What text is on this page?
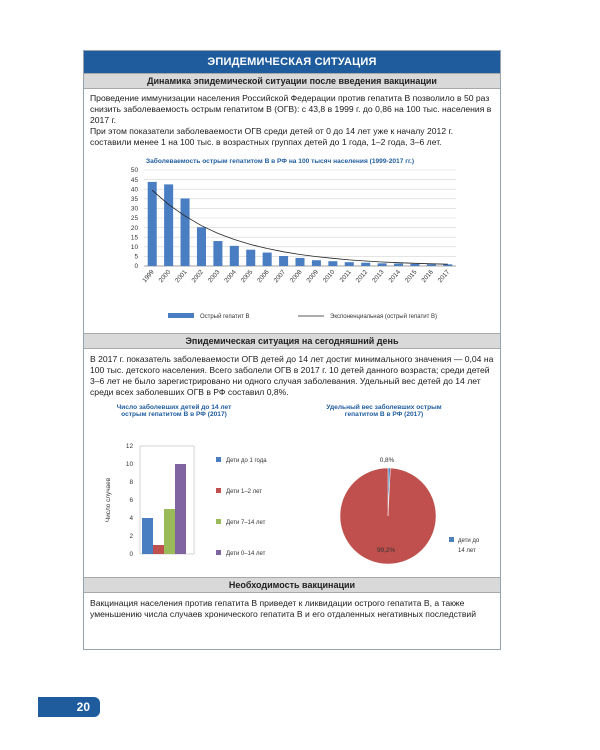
ЭПИДЕМИЧЕСКАЯ СИТУАЦИЯ
Динамика эпидемической ситуации после введения вакцинации

Проведение иммунизации населения Российской Федерации против гепатита В позволило в 50 раз снизить заболеваемость острым гепатитом В (ОГВ): с 43,8 в 1999 г. до 0,86 на 100 тыс. населения в 2017 г.

При этом показатели заболеваемости ОГВ среди детей от 0 до 14 лет уже к началу 2012 г. составили менее 1 на 100 тыс. в возрастных группах детей до 1 года, 1–2 года, 3–6 лет.

Заболеваемость острым гепатитом В в РФ на 100 тысяч населения (1999-2017 гг.)
0
5
10
15
20
25
30
35
40
45
50
1999 2000 2001 2002 2003 2004 2005 2006 2007 2008 2009 2010 2011 2012 2013 2014 2015 2016 2017
Острый гепатит В	Экспоненциальная (острый гепатит В)
Эпидемическая ситуация на сегодняшний день

В 2017 г. показатель заболеваемости ОГВ детей до 14 лет достиг минимального значения — 0,04 на 100 тыс. детского населения. Всего заболели ОГВ в 2017 г. 10 детей данного возраста; среди детей 3–6 лет не было зарегистрировано ни одного случая заболевания. Удельный вес детей до 14 лет среди всех заболевших ОГВ в РФ составил 0,8%.

Число заболевших детей до 14 лет острым гепатитом В в РФ (2017)
0
2
4
6
8
10
12
Число случаев
Дети до 1 года
Дети 1–2 лет
Дети 7–14 лет
Дети 0–14 лет
Удельный вес заболевших острым гепатитом В в РФ (2017)
0,8%
99,2%
дети до 14 лет
Необходимость вакцинации

Вакцинация населения против гепатита В приведет к ликвидации острого гепатита В, а также уменьшению числа случаев хронического гепатита В и его отдаленных негативных последствий

20
